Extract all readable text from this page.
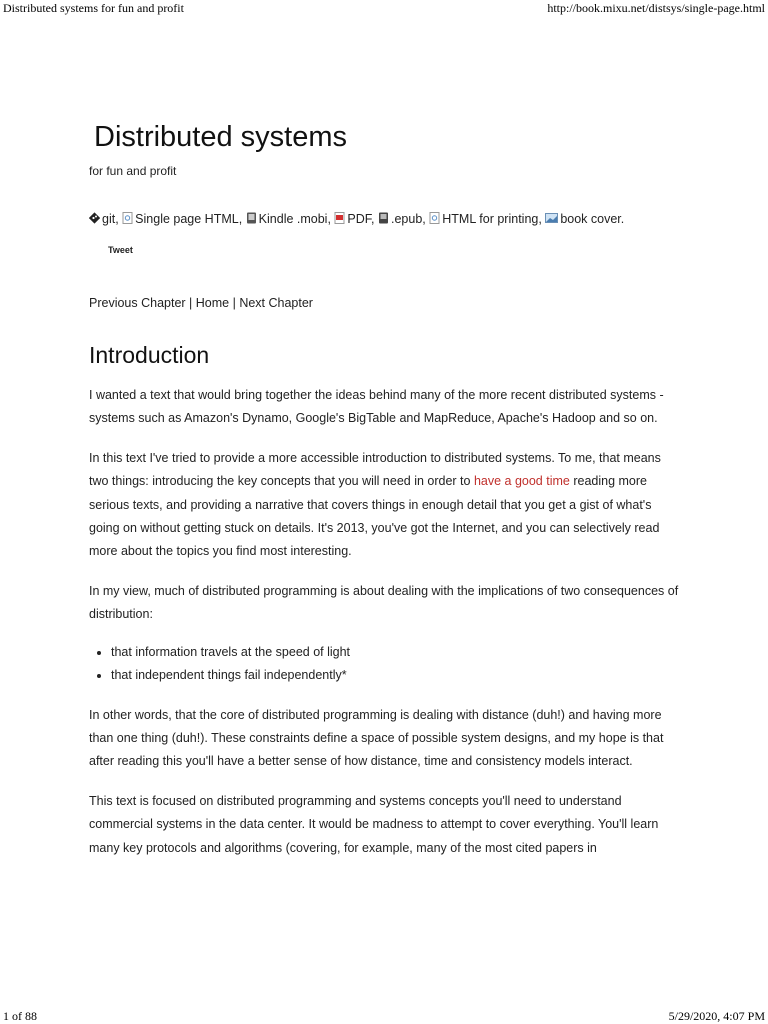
Distributed systems for fun and profit	http://book.mixu.net/distsys/single-page.html
Distributed systems
for fun and profit
git, Single page HTML, Kindle .mobi, PDF, .epub, HTML for printing, book cover.
Tweet
Previous Chapter | Home | Next Chapter
Introduction

I wanted a text that would bring together the ideas behind many of the more recent distributed systems - systems such as Amazon's Dynamo, Google's BigTable and MapReduce, Apache's Hadoop and so on.

In this text I've tried to provide a more accessible introduction to distributed systems. To me, that means two things: introducing the key concepts that you will need in order to have a good time reading more serious texts, and providing a narrative that covers things in enough detail that you get a gist of what's going on without getting stuck on details. It's 2013, you've got the Internet, and you can selectively read more about the topics you find most interesting.

In my view, much of distributed programming is about dealing with the implications of two consequences of distribution:

• that information travels at the speed of light
• that independent things fail independently*

In other words, that the core of distributed programming is dealing with distance (duh!) and having more than one thing (duh!). These constraints define a space of possible system designs, and my hope is that after reading this you'll have a better sense of how distance, time and consistency models interact.

This text is focused on distributed programming and systems concepts you'll need to understand commercial systems in the data center. It would be madness to attempt to cover everything. You'll learn many key protocols and algorithms (covering, for example, many of the most cited papers in

1 of 88	5/29/2020, 4:07 PM
